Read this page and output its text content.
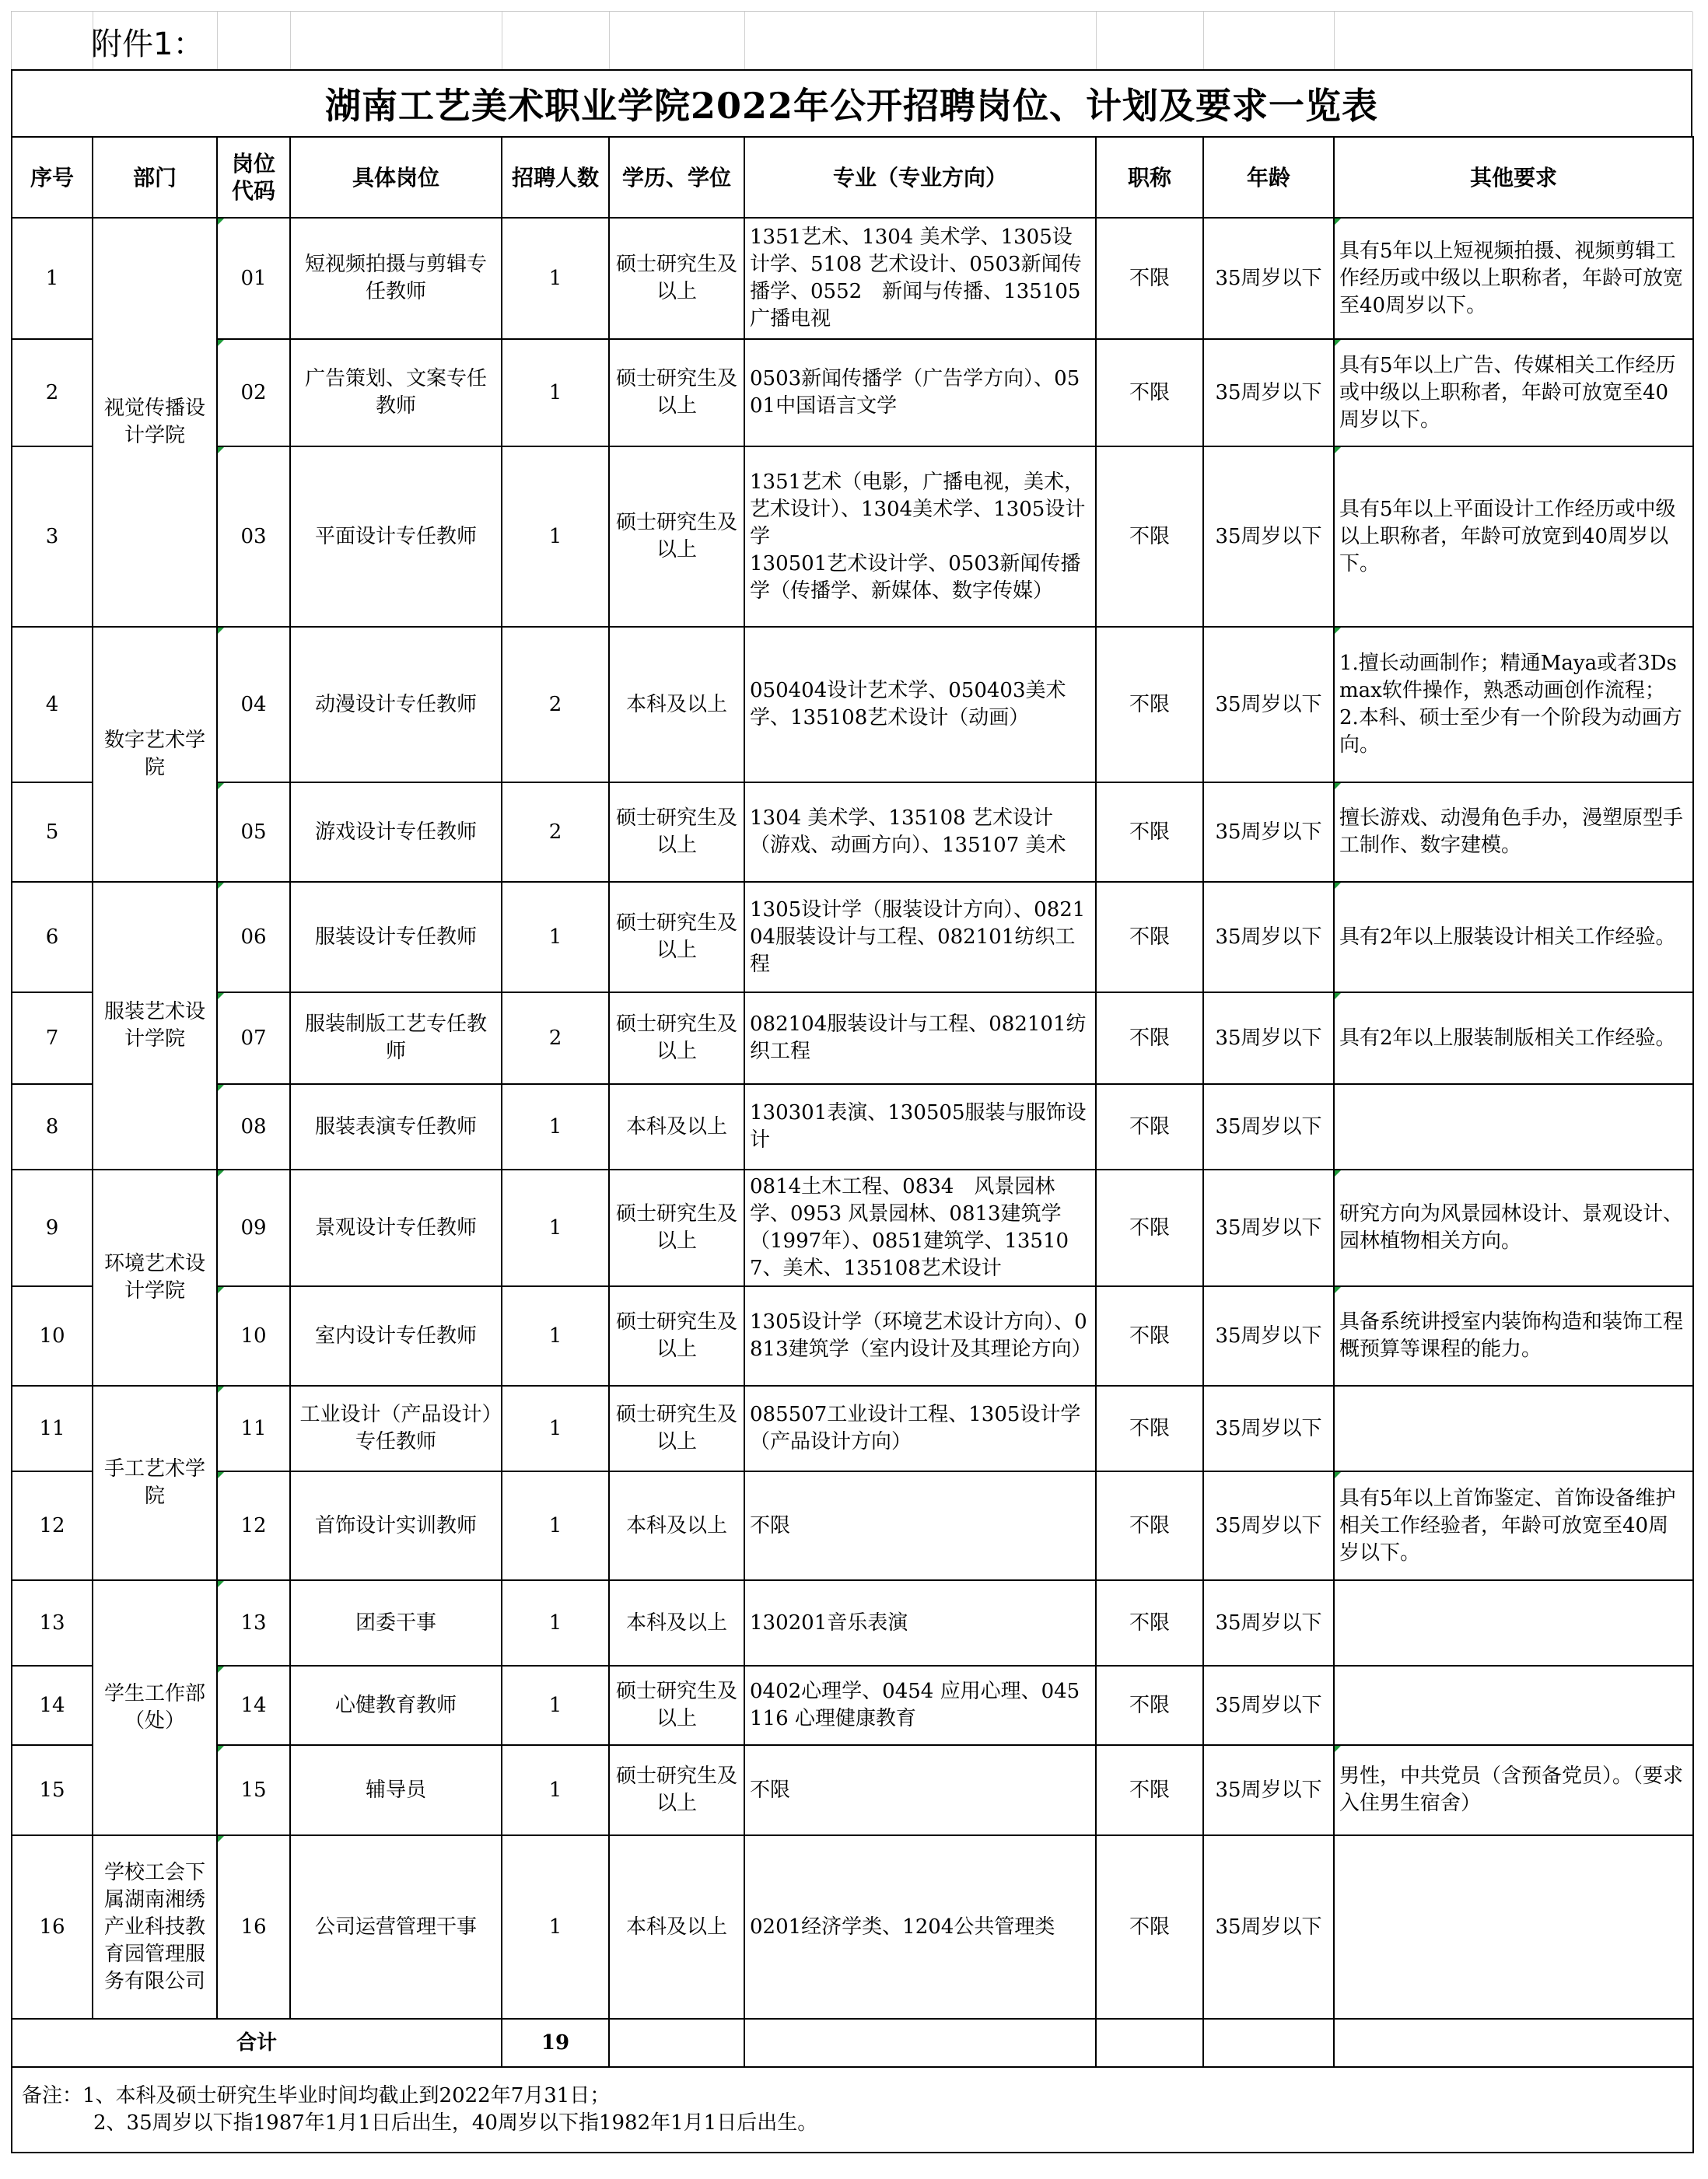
附件1：
湖南工艺美术职业学院2022年公开招聘岗位、计划及要求一览表
序号	部门	岗位代码	具体岗位	招聘人数	学历、学位	专业（专业方向）	职称	年龄	其他要求
1	视觉传播设计学院	01	短视频拍摄与剪辑专任教师	1	硕士研究生及以上	1351艺术、1304 美术学、1305设计学、5108 艺术设计、0503新闻传播学、0552　新闻与传播、135105 广播电视	不限	35周岁以下	具有5年以上短视频拍摄、视频剪辑工作经历或中级以上职称者，年龄可放宽至40周岁以下。
2		02	广告策划、文案专任教师	1	硕士研究生及以上	0503新闻传播学（广告学方向）、0501中国语言文学	不限	35周岁以下	具有5年以上广告、传媒相关工作经历或中级以上职称者，年龄可放宽至40周岁以下。
3		03	平面设计专任教师	1	硕士研究生及以上	1351艺术（电影，广播电视，美术，艺术设计）、1304美术学、1305设计学
130501艺术设计学、0503新闻传播学（传播学、新媒体、数字传媒）	不限	35周岁以下	具有5年以上平面设计工作经历或中级以上职称者，年龄可放宽到40周岁以下。
4	数字艺术学院	04	动漫设计专任教师	2	本科及以上	050404设计艺术学、050403美术学、135108艺术设计（动画）	不限	35周岁以下	1.擅长动画制作；精通Maya或者3Ds max软件操作，熟悉动画创作流程；
2.本科、硕士至少有一个阶段为动画方向。
5		05	游戏设计专任教师	2	硕士研究生及以上	1304 美术学、135108 艺术设计（游戏、动画方向）、135107 美术	不限	35周岁以下	擅长游戏、动漫角色手办，漫塑原型手工制作、数字建模。
6	服装艺术设计学院	06	服装设计专任教师	1	硕士研究生及以上	1305设计学（服装设计方向）、082104服装设计与工程、082101纺织工程	不限	35周岁以下	具有2年以上服装设计相关工作经验。
7		07	服装制版工艺专任教师	2	硕士研究生及以上	082104服装设计与工程、082101纺织工程	不限	35周岁以下	具有2年以上服装制版相关工作经验。
8		08	服装表演专任教师	1	本科及以上	130301表演、130505服装与服饰设计	不限	35周岁以下	
9	环境艺术设计学院	09	景观设计专任教师	1	硕士研究生及以上	0814土木工程、0834　风景园林学、0953 风景园林、0813建筑学（1997年）、0851建筑学、135107、美术、135108艺术设计	不限	35周岁以下	研究方向为风景园林设计、景观设计、园林植物相关方向。
10		10	室内设计专任教师	1	硕士研究生及以上	1305设计学（环境艺术设计方向）、0813建筑学（室内设计及其理论方向）	不限	35周岁以下	具备系统讲授室内装饰构造和装饰工程概预算等课程的能力。
11	手工艺术学院	11	工业设计（产品设计）专任教师	1	硕士研究生及以上	085507工业设计工程、1305设计学（产品设计方向）	不限	35周岁以下	
12		12	首饰设计实训教师	1	本科及以上	不限	不限	35周岁以下	具有5年以上首饰鉴定、首饰设备维护相关工作经验者，年龄可放宽至40周岁以下。
13	学生工作部（处）	13	团委干事	1	本科及以上	130201音乐表演	不限	35周岁以下	
14		14	心健教育教师	1	硕士研究生及以上	0402心理学、0454 应用心理、045116 心理健康教育	不限	35周岁以下	
15		15	辅导员	1	硕士研究生及以上	不限	不限	35周岁以下	男性，中共党员（含预备党员）。（要求入住男生宿舍）
16	学校工会下属湖南湘绣产业科技教育园管理服务有限公司	16	公司运营管理干事	1	本科及以上	0201经济学类、1204公共管理类	不限	35周岁以下	
合计				19					

备注：1、本科及硕士研究生毕业时间均截止到2022年7月31日；
2、35周岁以下指1987年1月1日后出生，40周岁以下指1982年1月1日后出生。									
